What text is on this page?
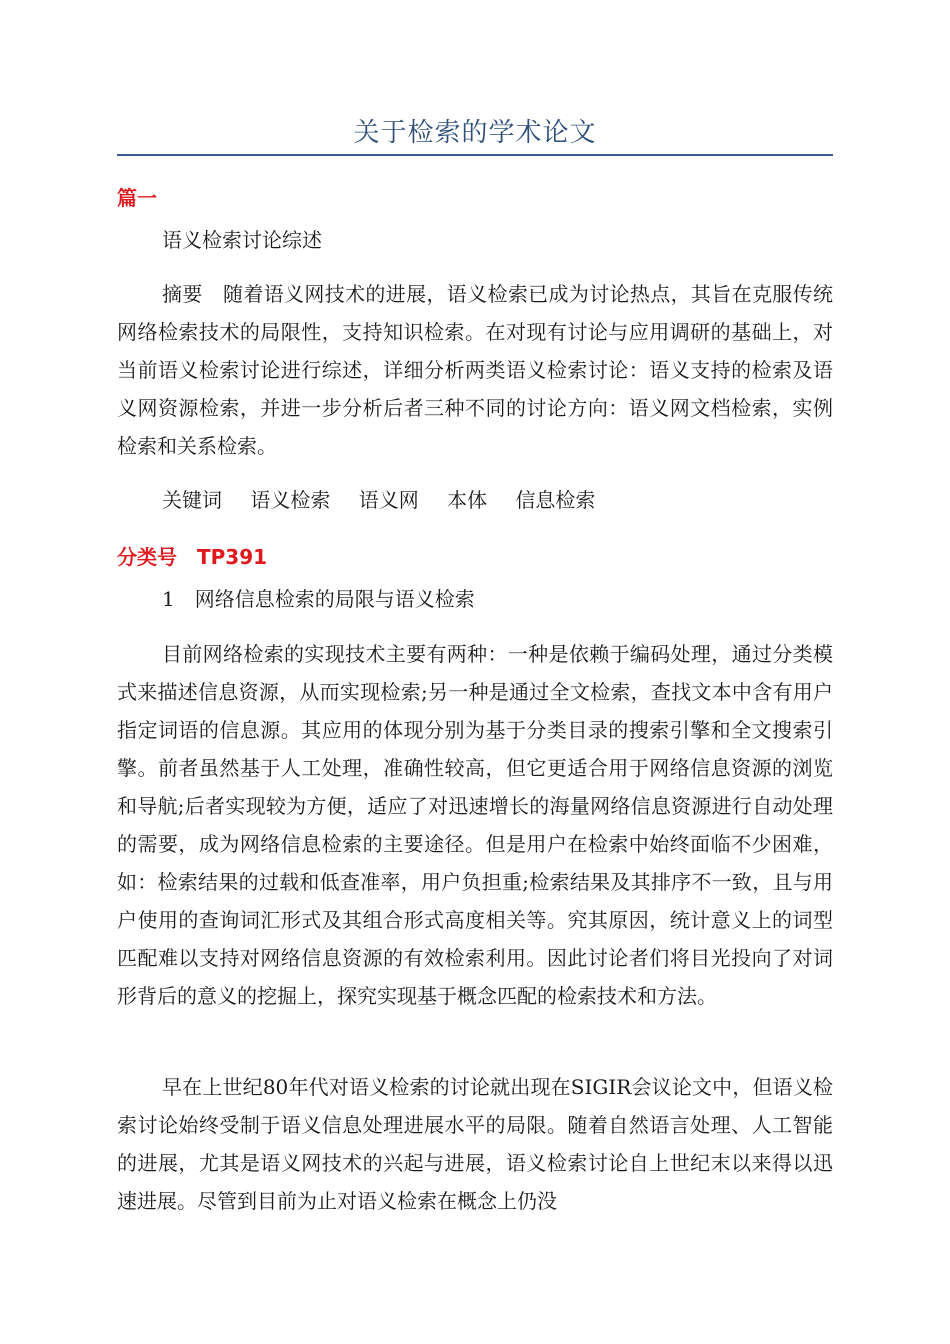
关于检索的学术论文
篇一
语义检索讨论综述
摘要　随着语义网技术的进展，语义检索已成为讨论热点，其旨在克服传统网络检索技术的局限性，支持知识检索。在对现有讨论与应用调研的基础上，对当前语义检索讨论进行综述，详细分析两类语义检索讨论：语义支持的检索及语义网资源检索，并进一步分析后者三种不同的讨论方向：语义网文档检索，实例检索和关系检索。
关键词 语义检索 语义网 本体 信息检索
分类号　TP391
1　网络信息检索的局限与语义检索
目前网络检索的实现技术主要有两种：一种是依赖于编码处理，通过分类模式来描述信息资源，从而实现检索;另一种是通过全文检索，查找文本中含有用户指定词语的信息源。其应用的体现分别为基于分类目录的搜索引擎和全文搜索引擎。前者虽然基于人工处理，准确性较高，但它更适合用于网络信息资源的浏览和导航;后者实现较为方便，适应了对迅速增长的海量网络信息资源进行自动处理的需要，成为网络信息检索的主要途径。但是用户在检索中始终面临不少困难，如：检索结果的过载和低查准率，用户负担重;检索结果及其排序不一致，且与用户使用的查询词汇形式及其组合形式高度相关等。究其原因，统计意义上的词型匹配难以支持对网络信息资源的有效检索利用。因此讨论者们将目光投向了对词形背后的意义的挖掘上，探究实现基于概念匹配的检索技术和方法。
早在上世纪80年代对语义检索的讨论就出现在SIGIR会议论文中，但语义检索讨论始终受制于语义信息处理进展水平的局限。随着自然语言处理、人工智能的进展，尤其是语义网技术的兴起与进展，语义检索讨论自上世纪末以来得以迅速进展。尽管到目前为止对语义检索在概念上仍没
